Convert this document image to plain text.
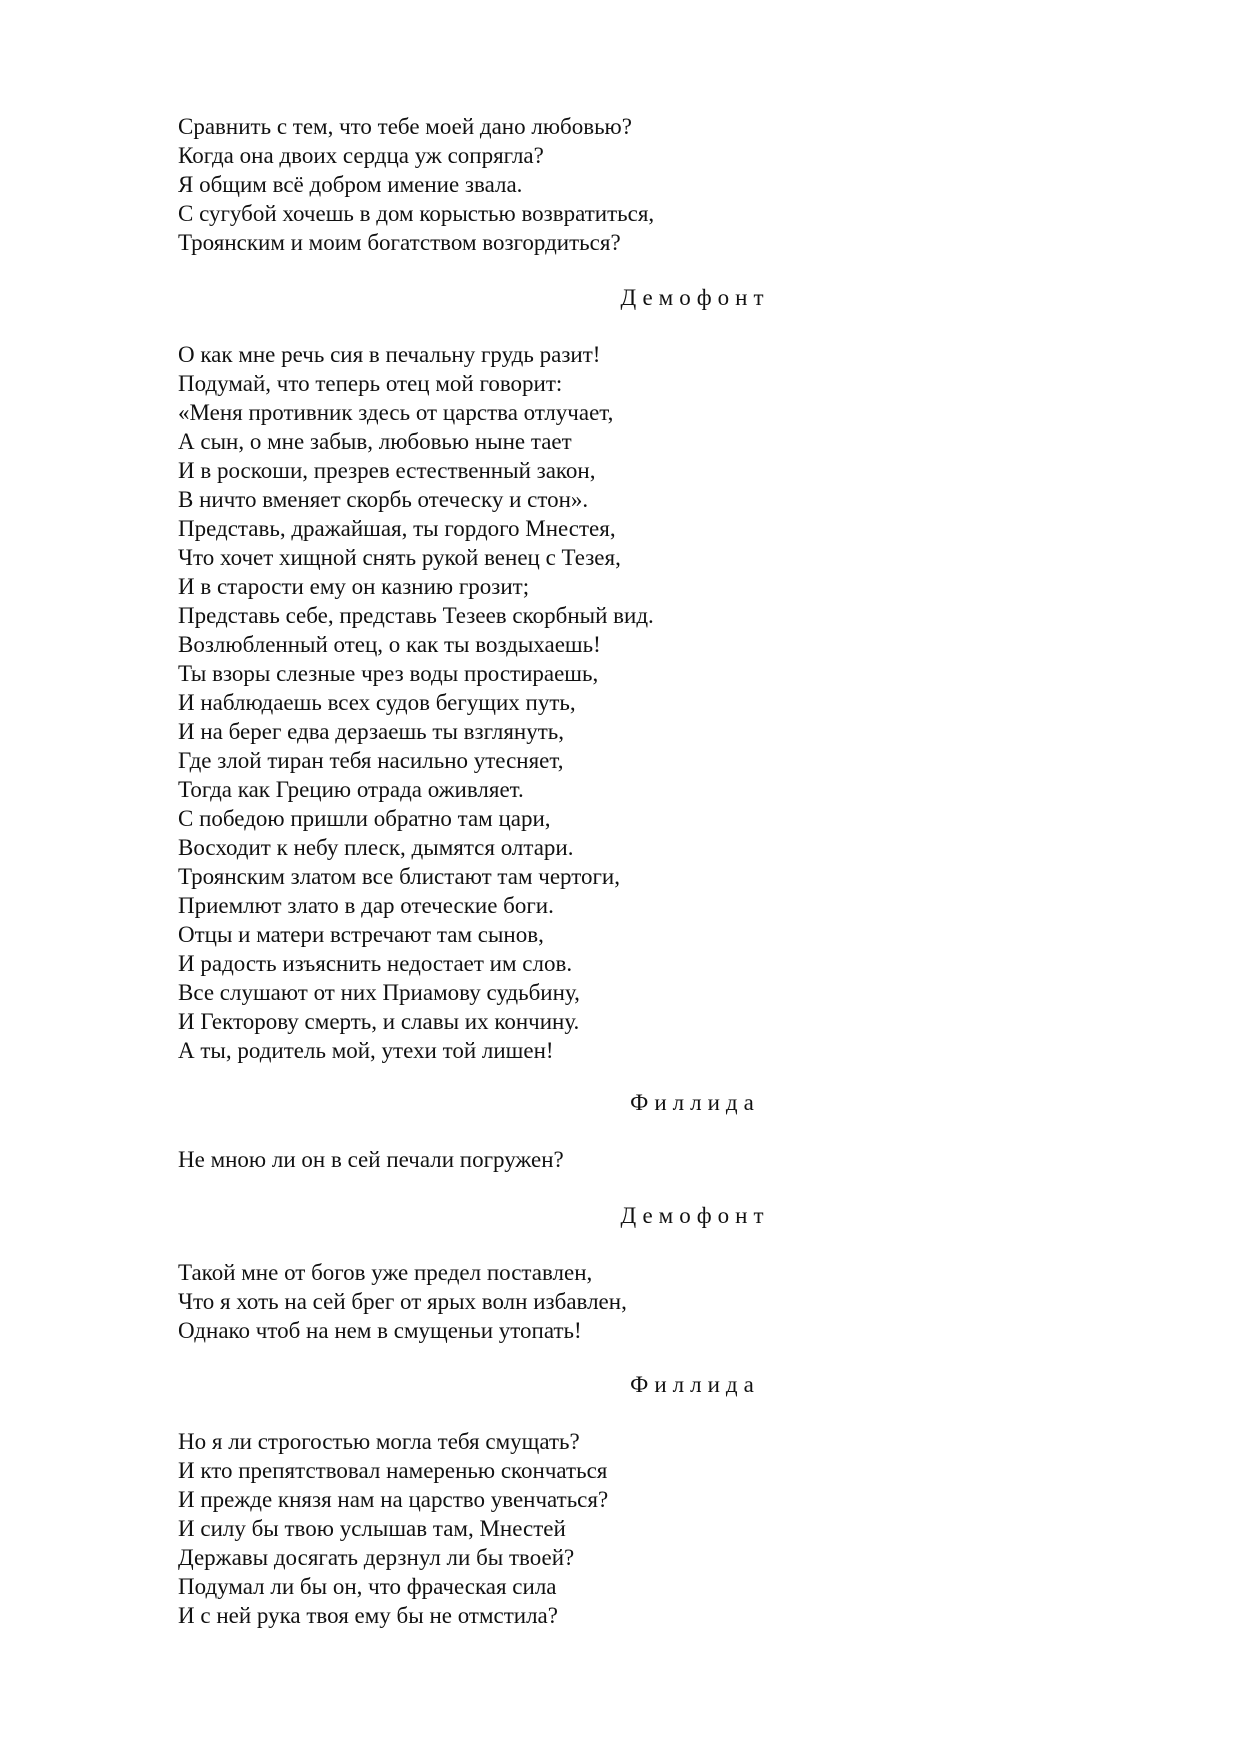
Сравнить с тем, что тебе моей дано любовью?
Когда она двоих сердца уж сопрягла?
Я общим всё добром имение звала.
С сугубой хочешь в дом корыстью возвратиться,
Троянским и моим богатством возгордиться?

Демофонт

О как мне речь сия в печальну грудь разит!
Подумай, что теперь отец мой говорит:
«Меня противник здесь от царства отлучает,
А сын, о мне забыв, любовью ныне тает
И в роскоши, презрев естественный закон,
В ничто вменяет скорбь отеческу и стон».
Представь, дражайшая, ты гордого Мнестея,
Что хочет хищной снять рукой венец с Тезея,
И в старости ему он казнию грозит;
Представь себе, представь Тезеев скорбный вид.
Возлюбленный отец, о как ты воздыхаешь!
Ты взоры слезные чрез воды простираешь,
И наблюдаешь всех судов бегущих путь,
И на берег едва дерзаешь ты взглянуть,
Где злой тиран тебя насильно утесняет,
Тогда как Грецию отрада оживляет.
С победою пришли обратно там цари,
Восходит к небу плеск, дымятся олтари.
Троянским златом все блистают там чертоги,
Приемлют злато в дар отеческие боги.
Отцы и матери встречают там сынов,
И радость изъяснить недостает им слов.
Все слушают от них Приамову судьбину,
И Гекторову смерть, и славы их кончину.
А ты, родитель мой, утехи той лишен!

Филлида

Не мною ли он в сей печали погружен?

Демофонт

Такой мне от богов уже предел поставлен,
Что я хоть на сей брег от ярых волн избавлен,
Однако чтоб на нем в смущеньи утопать!

Филлида

Но я ли строгостью могла тебя смущать?
И кто препятствовал намеренью скончаться
И прежде князя нам на царство увенчаться?
И силу бы твою услышав там, Мнестей
Державы досягать дерзнул ли бы твоей?
Подумал ли бы он, что фраческая сила
И с ней рука твоя ему бы не отмстила?
